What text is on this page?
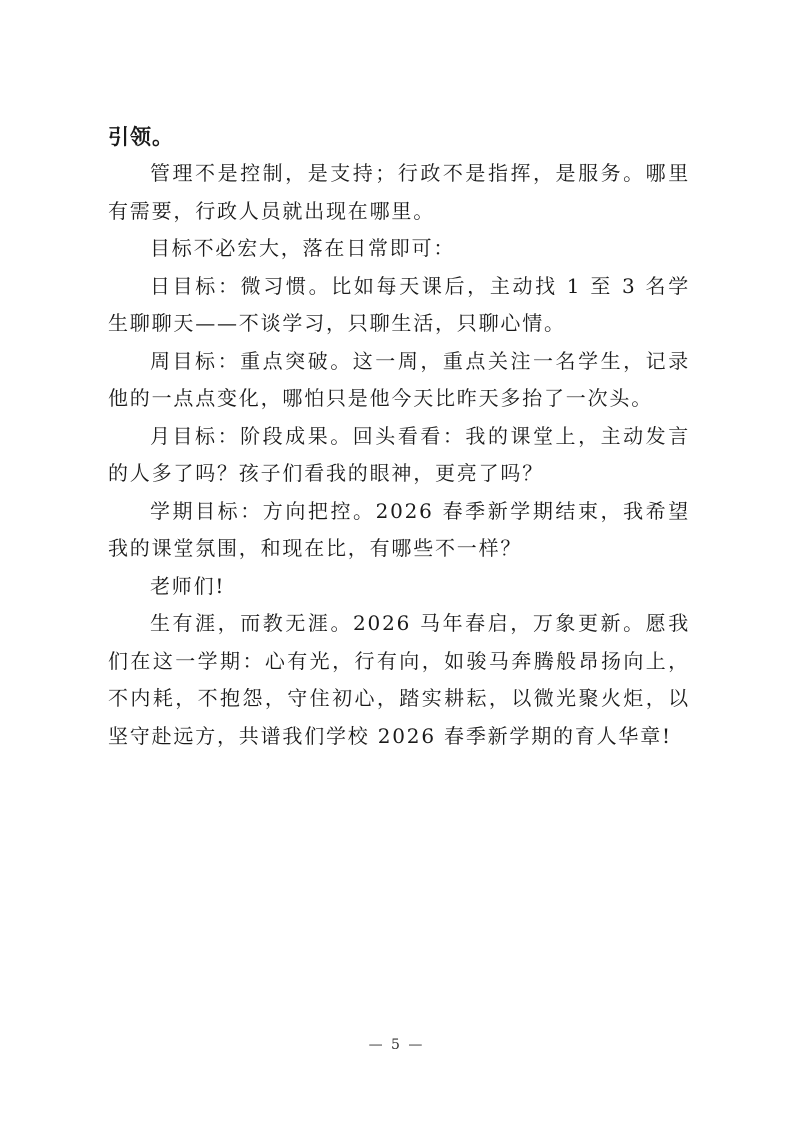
引领。

管理不是控制，是支持；行政不是指挥，是服务。哪里有需要，行政人员就出现在哪里。

目标不必宏大，落在日常即可：

日目标：微习惯。比如每天课后，主动找 1 至 3 名学生聊聊天——不谈学习，只聊生活，只聊心情。

周目标：重点突破。这一周，重点关注一名学生，记录他的一点点变化，哪怕只是他今天比昨天多抬了一次头。

月目标：阶段成果。回头看看：我的课堂上，主动发言的人多了吗？孩子们看我的眼神，更亮了吗？

学期目标：方向把控。2026 春季新学期结束，我希望我的课堂氛围，和现在比，有哪些不一样？

老师们!

生有涯，而教无涯。2026 马年春启，万象更新。愿我们在这一学期：心有光，行有向，如骏马奔腾般昂扬向上，不内耗，不抱怨，守住初心，踏实耕耘，以微光聚火炬，以坚守赴远方，共谱我们学校 2026 春季新学期的育人华章!

— 5 —
